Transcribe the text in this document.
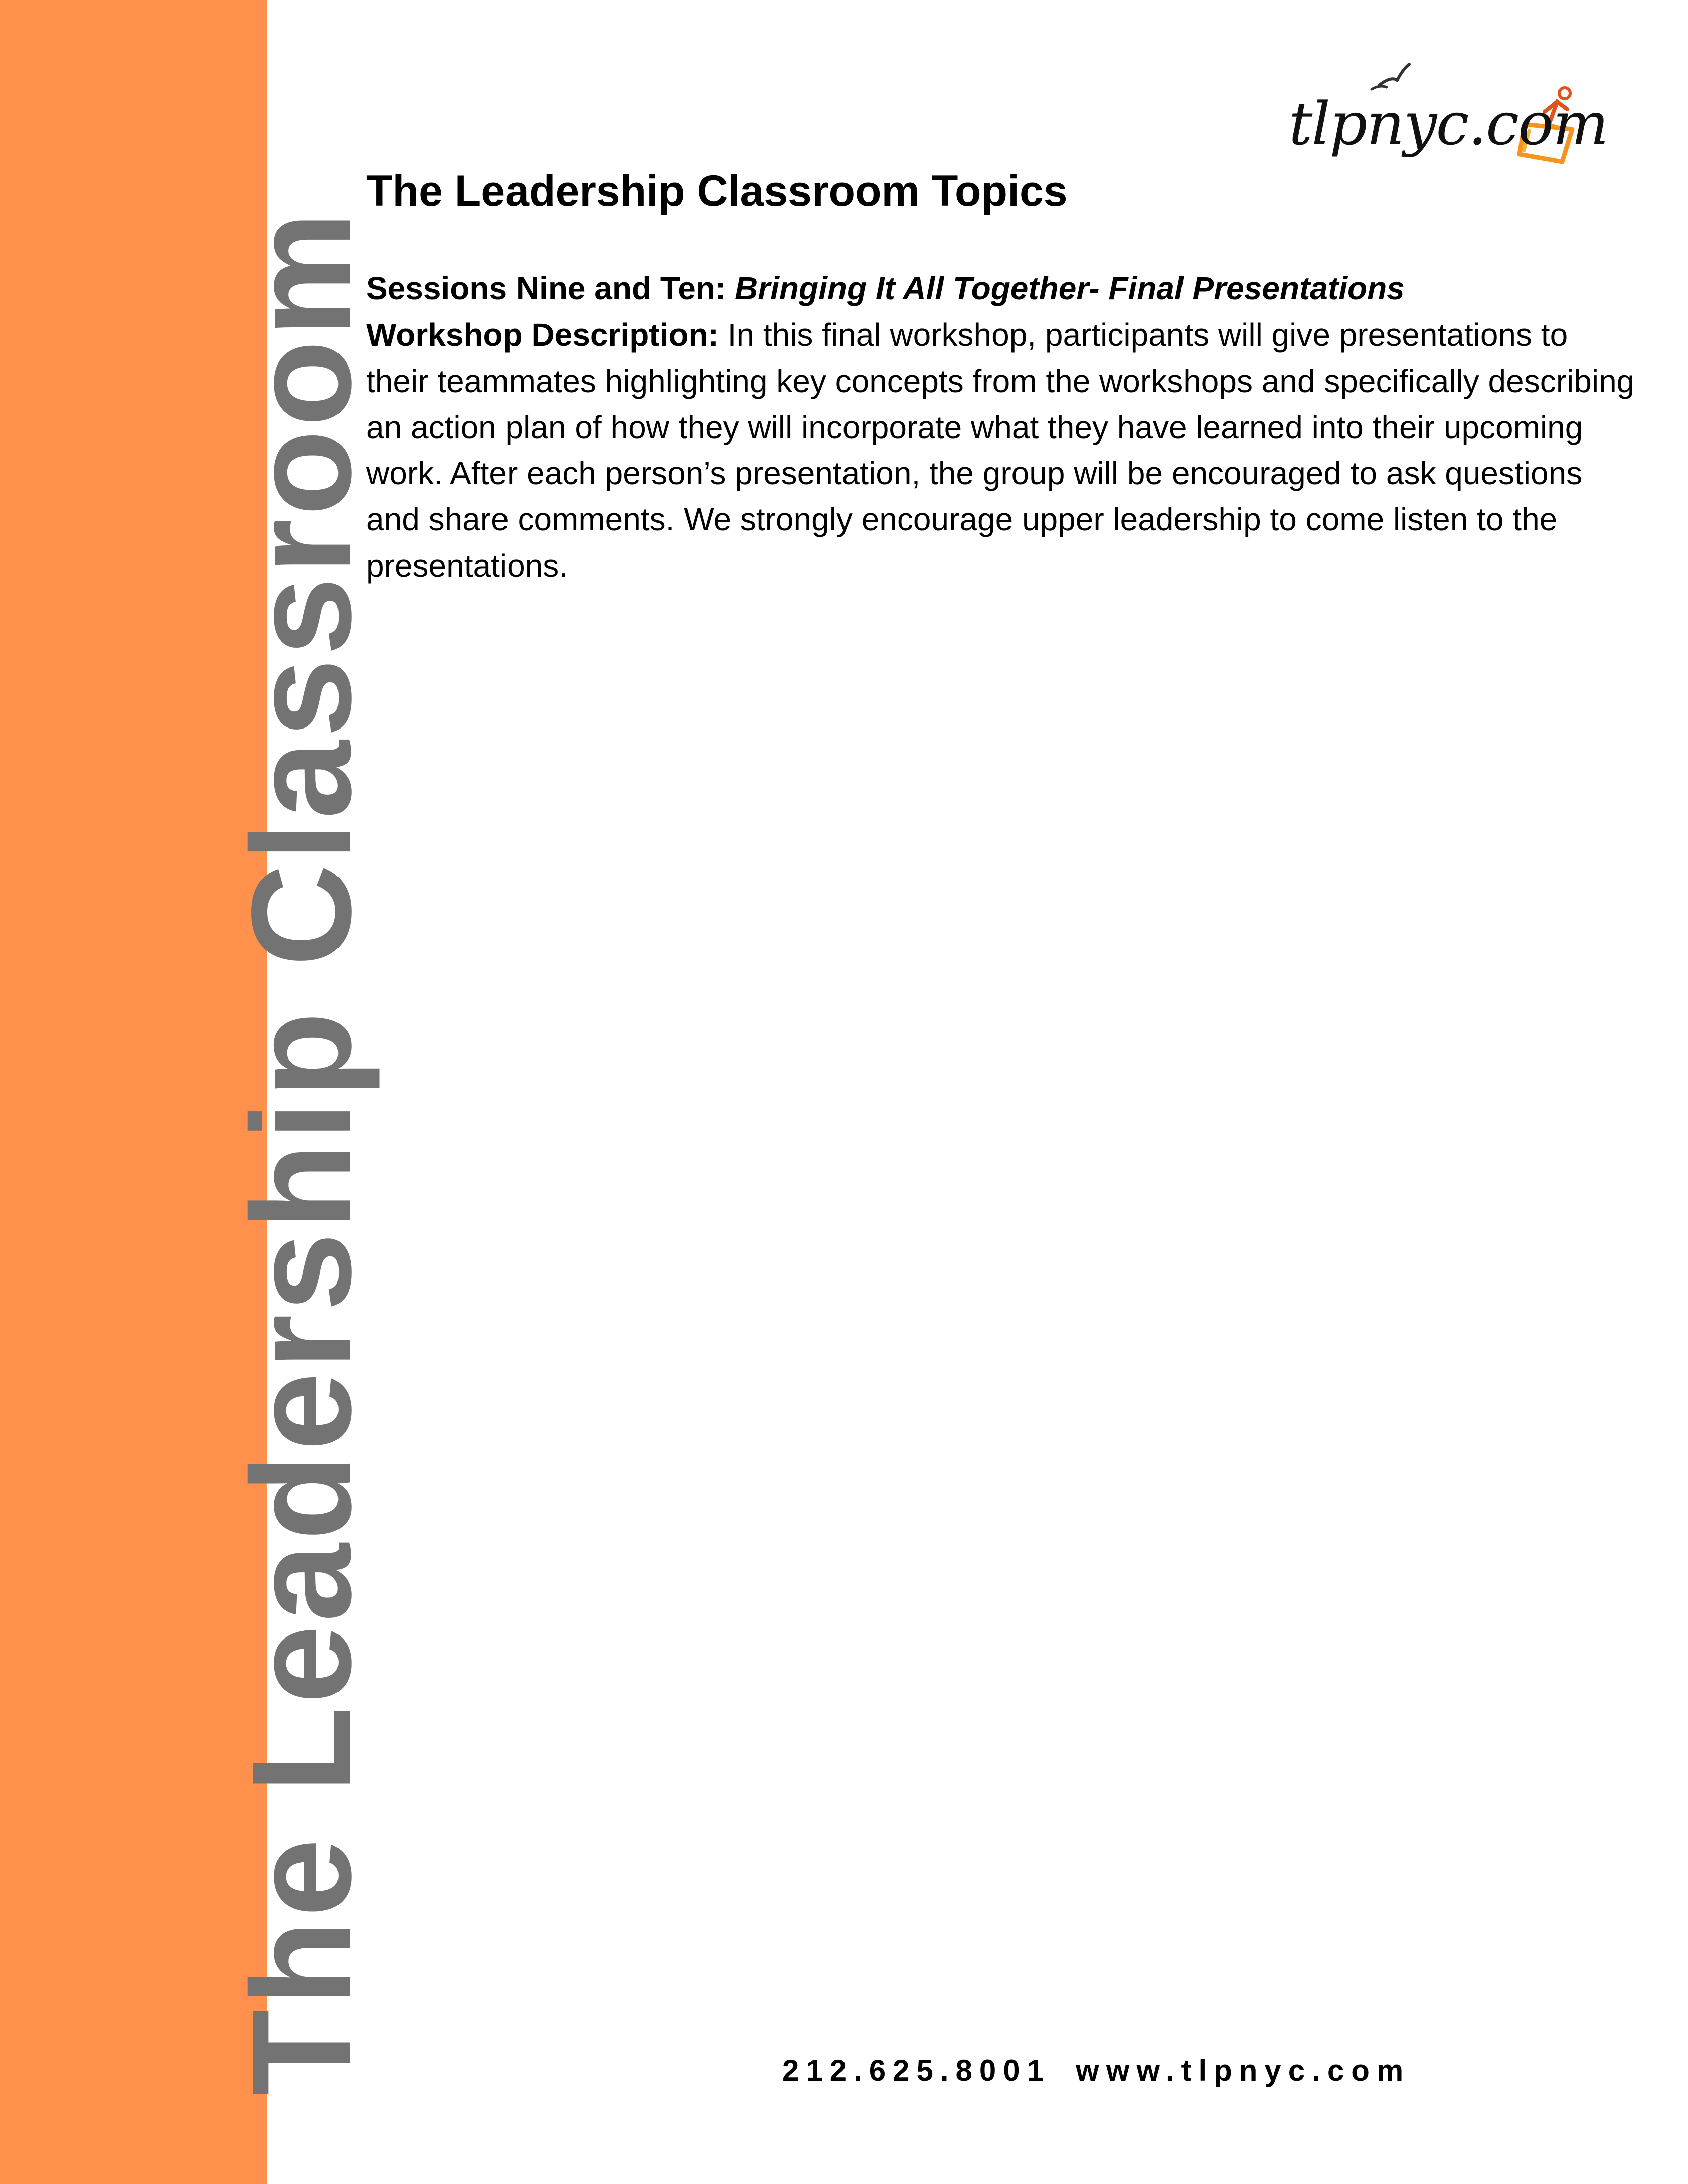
The Leadership Classroom
tlpnyc.com
The Leadership Classroom Topics
Sessions Nine and Ten: Bringing It All Together- Final Presentations
Workshop Description: In this final workshop, participants will give presentations to their teammates highlighting key concepts from the workshops and specifically describing an action plan of how they will incorporate what they have learned into their upcoming work. After each person’s presentation, the group will be encouraged to ask questions and share comments. We strongly encourage upper leadership to come listen to the presentations.
212.625.8001 www.tlpnyc.com
